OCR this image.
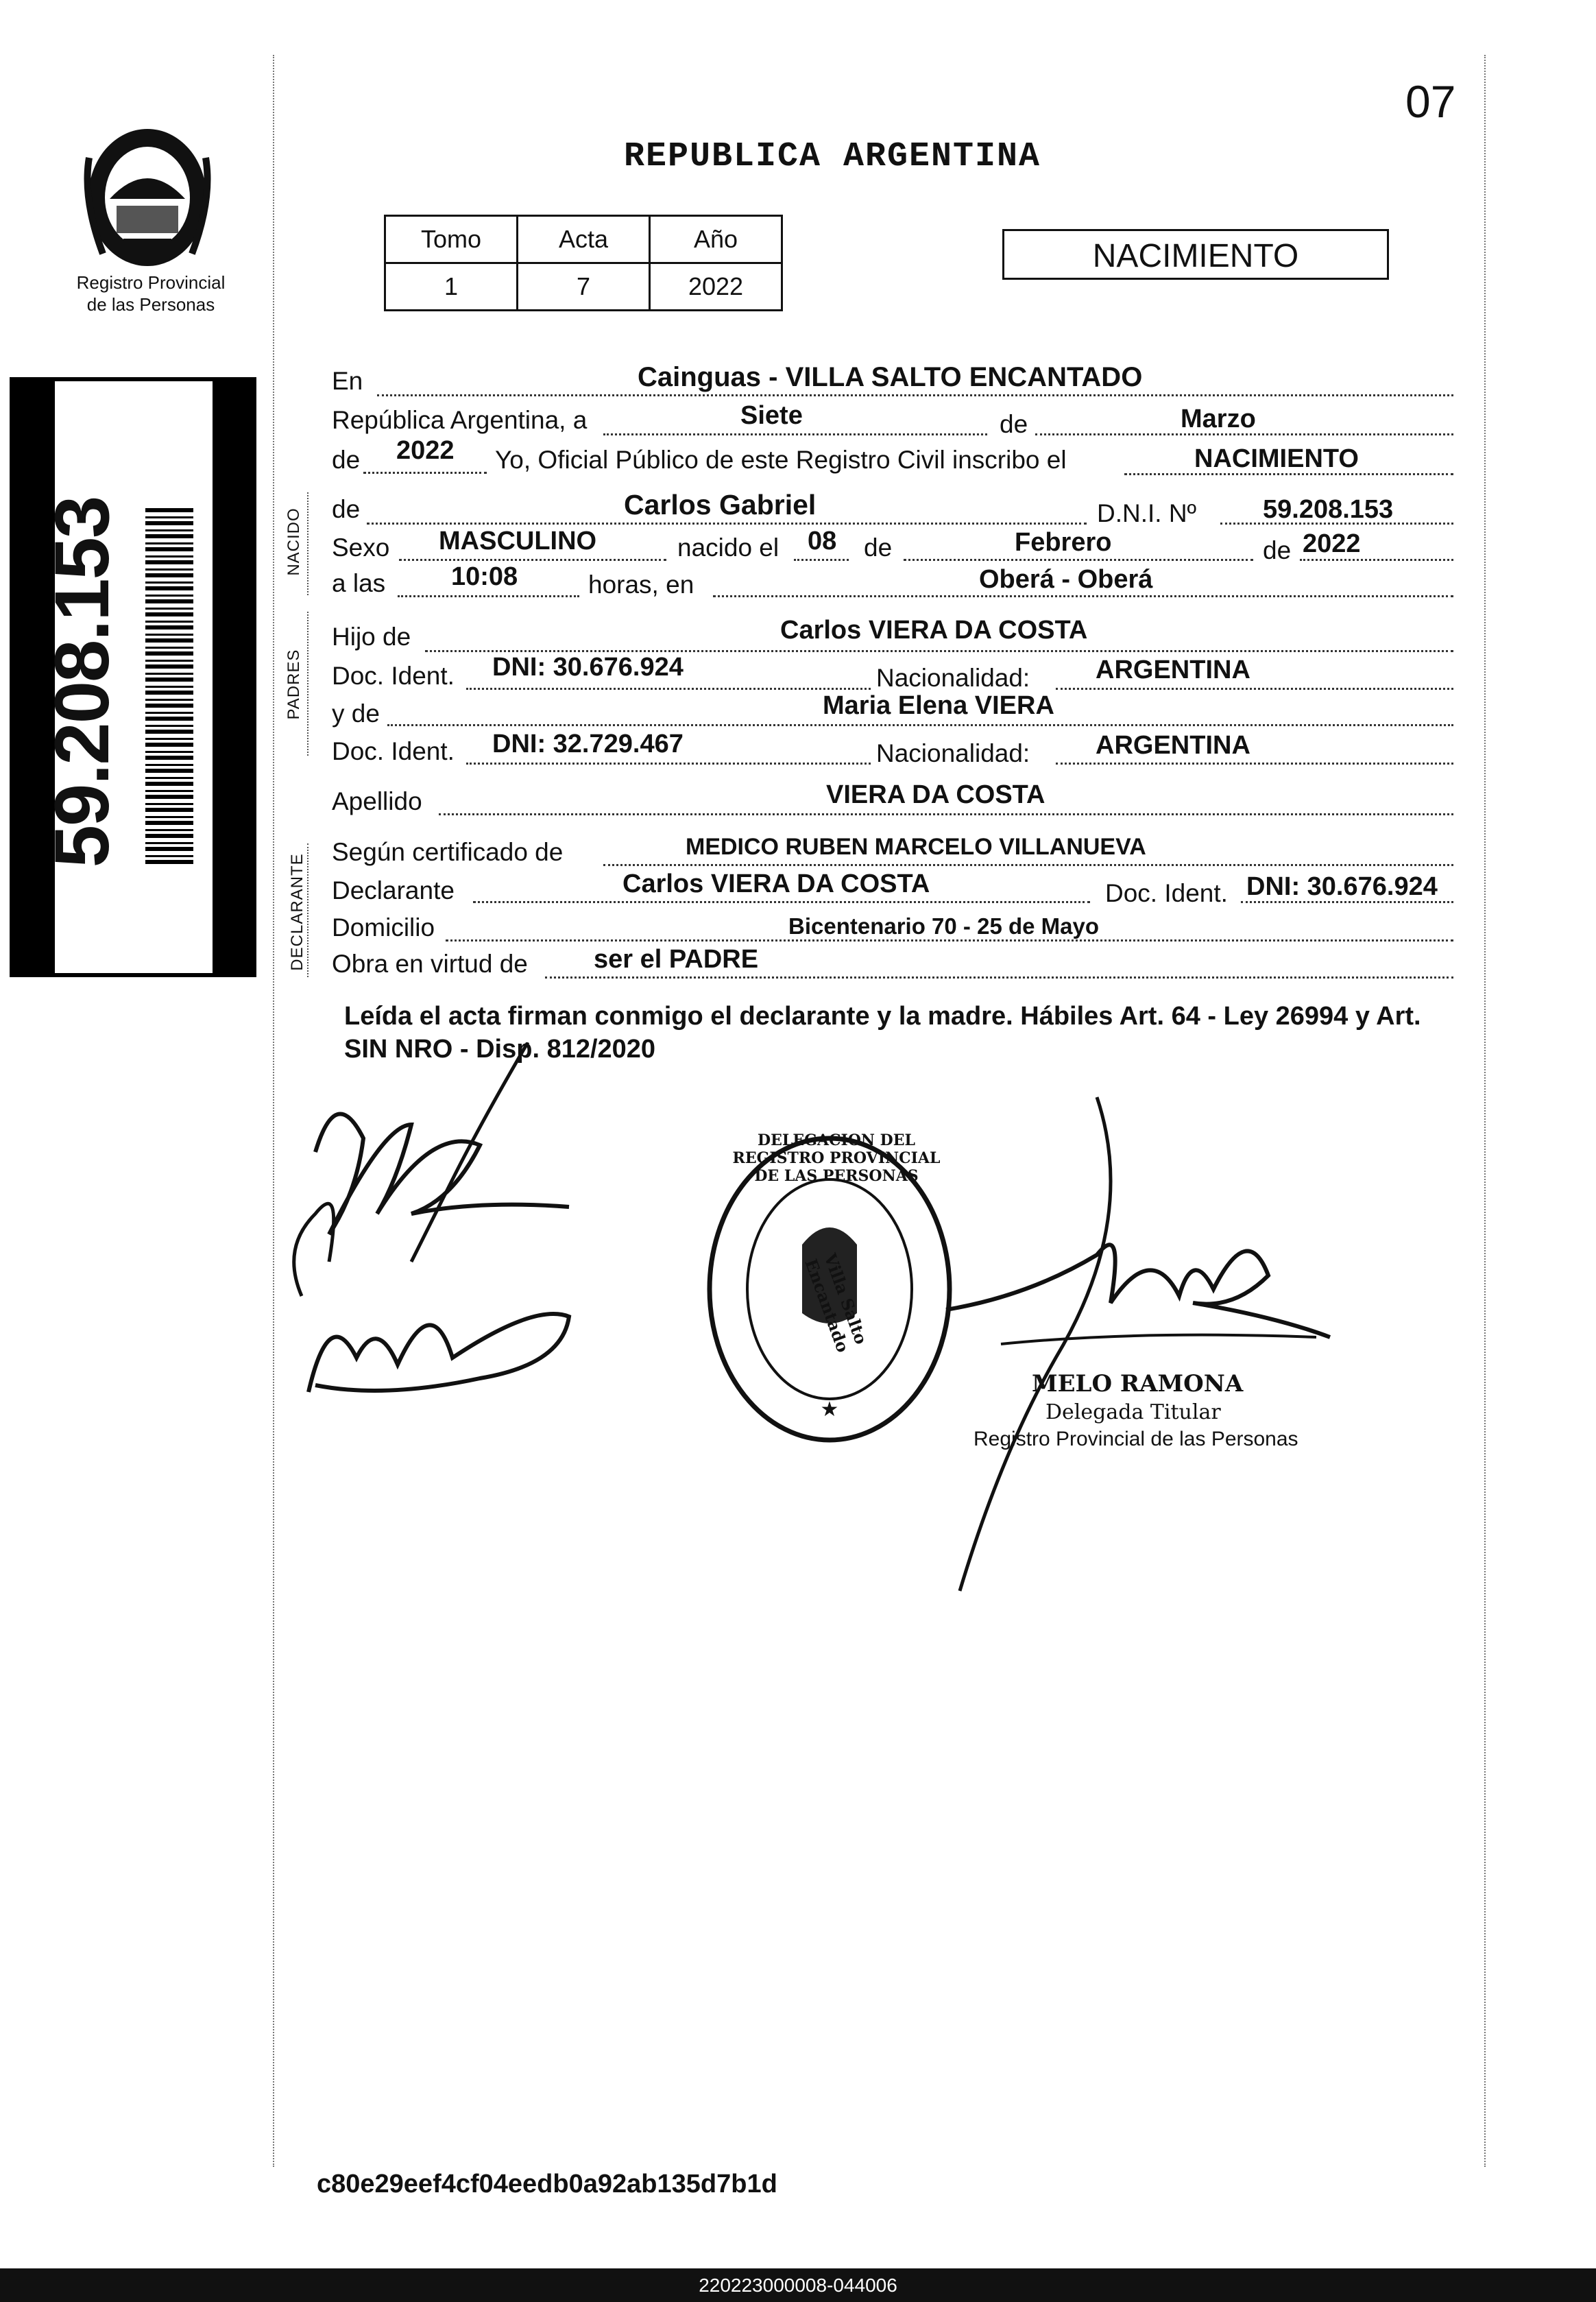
07
REPUBLICA ARGENTINA
Registro Provincial
de las Personas
59.208.153
Tomo	Acta	Año
1	7	2022
NACIMIENTO
En	Cainguas - VILLA SALTO ENCANTADO
República Argentina, a	Siete	de	Marzo
de 2022 Yo, Oficial Público de este Registro Civil inscribo el	NACIMIENTO
NACIDO de	Carlos Gabriel	D.N.I. Nº	59.208.153
Sexo MASCULINO	nacido el 08 de	Febrero	de 2022
a las	10:08	horas, en	Oberá - Oberá
PADRES
Hijo de	Carlos VIERA DA COSTA
Doc. Ident. DNI: 30.676.924	Nacionalidad:	ARGENTINA
y de	Maria Elena VIERA
Doc. Ident. DNI: 32.729.467	Nacionalidad:	ARGENTINA
Apellido	VIERA DA COSTA
DECLARANTE
Según certificado de	MEDICO RUBEN MARCELO VILLANUEVA
Declarante	Carlos VIERA DA COSTA	Doc. Ident. DNI: 30.676.924
Domicilio	Bicentenario 70 - 25 de Mayo
Obra en virtud de	ser el PADRE
Leída el acta firman conmigo el declarante y la madre. Hábiles Art. 64 - Ley 26994 y Art. SIN NRO - Disp. 812/2020
★
DELEGACION DEL REGISTRO PROVINCIAL DE LAS PERSONAS
Villa Salto Encantado
MELO RAMONA
Delegada Titular
Registro Provincial de las Personas
c80e29eef4cf04eedb0a92ab135d7b1d
220223000008-044006
